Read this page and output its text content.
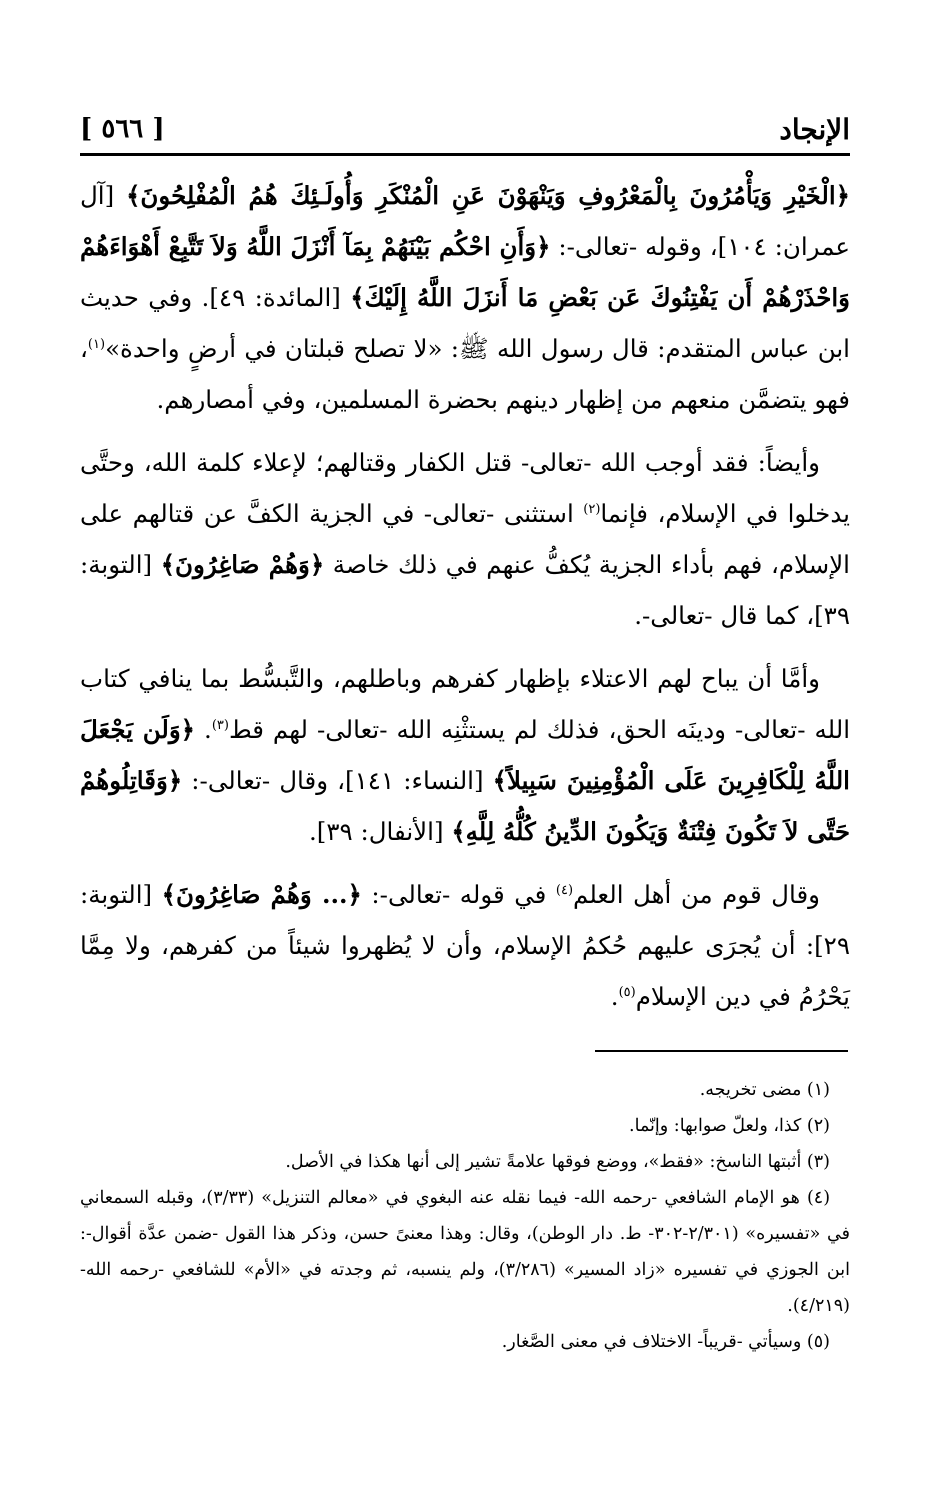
الإنجاد
[ ٥٦٦ ]

﴿الْخَيْرِ وَيَأْمُرُونَ بِالْمَعْرُوفِ وَيَنْهَوْنَ عَنِ الْمُنْكَرِ وَأُولَـئِكَ هُمُ الْمُفْلِحُونَ﴾ [آل عمران: ١٠٤]، وقوله -تعالى-: ﴿وَأَنِ احْكُم بَيْنَهُمْ بِمَآ أَنْزَلَ اللَّهُ وَلاَ تَتَّبِعْ أَهْوَاءَهُمْ وَاحْذَرْهُمْ أَن يَفْتِنُوكَ عَن بَعْضِ مَا أَنزَلَ اللَّهُ إِلَيْكَ﴾ [المائدة: ٤٩]. وفي حديث ابن عباس المتقدم: قال رسول الله ﷺ: «لا تصلح قبلتان في أرضٍ واحدة»$^{(١)}$، فهو يتضمَّن منعهم من إظهار دينهم بحضرة المسلمين، وفي أمصارهم.

وأيضاً: فقد أوجب الله -تعالى- قتل الكفار وقتالهم؛ لإعلاء كلمة الله، وحتَّى يدخلوا في الإسلام، فإنما$^{(٢)}$ استثنى -تعالى- في الجزية الكفَّ عن قتالهم على الإسلام، فهم بأداء الجزية يُكفُّ عنهم في ذلك خاصة ﴿وَهُمْ صَاغِرُونَ﴾ [التوبة: ٣٩]، كما قال -تعالى-.

وأمَّا أن يباح لهم الاعتلاء بإظهار كفرهم وباطلهم، والتَّبسُّط بما ينافي كتاب الله -تعالى- ودينَه الحق، فذلك لم يستثْنِه الله -تعالى- لهم قط$^{(٣)}$. ﴿وَلَن يَجْعَلَ اللَّهُ لِلْكَافِرِينَ عَلَى الْمُؤْمِنِينَ سَبِيلاً﴾ [النساء: ١٤١]، وقال -تعالى-: ﴿وَقَاتِلُوهُمْ حَتَّى لاَ تَكُونَ فِتْنَةٌ وَيَكُونَ الدِّينُ كُلُّهُ لِلَّهِ﴾ [الأنفال: ٣٩].

وقال قوم من أهل العلم$^{(٤)}$ في قوله -تعالى-: ﴿... وَهُمْ صَاغِرُونَ﴾ [التوبة: ٢٩]: أن يُجرَى عليهم حُكمُ الإسلام، وأن لا يُظهروا شيئاً من كفرهم، ولا مِمَّا يَحْرُمُ في دين الإسلام$^{(٥)}$.

(١) مضى تخريجه.

(٢) كذا، ولعلّ صوابها: وإنّما.

(٣) أثبتها الناسخ: «فقط»، ووضع فوقها علامةً تشير إلى أنها هكذا في الأصل.

(٤) هو الإمام الشافعي -رحمه الله- فيما نقله عنه البغوي في «معالم التنزيل» (٣/٣٣)، وقبله السمعاني في «تفسيره» (٢/٣٠١-٣٠٢- ط. دار الوطن)، وقال: وهذا معنىً حسن، وذكر هذا القول -ضمن عدَّة أقوال-: ابن الجوزي في تفسيره «زاد المسير» (٣/٢٨٦)، ولم ينسبه، ثم وجدته في «الأم» للشافعي -رحمه الله- (٤/٢١٩).

(٥) وسيأتي -قريباً- الاختلاف في معنى الصَّغار.
